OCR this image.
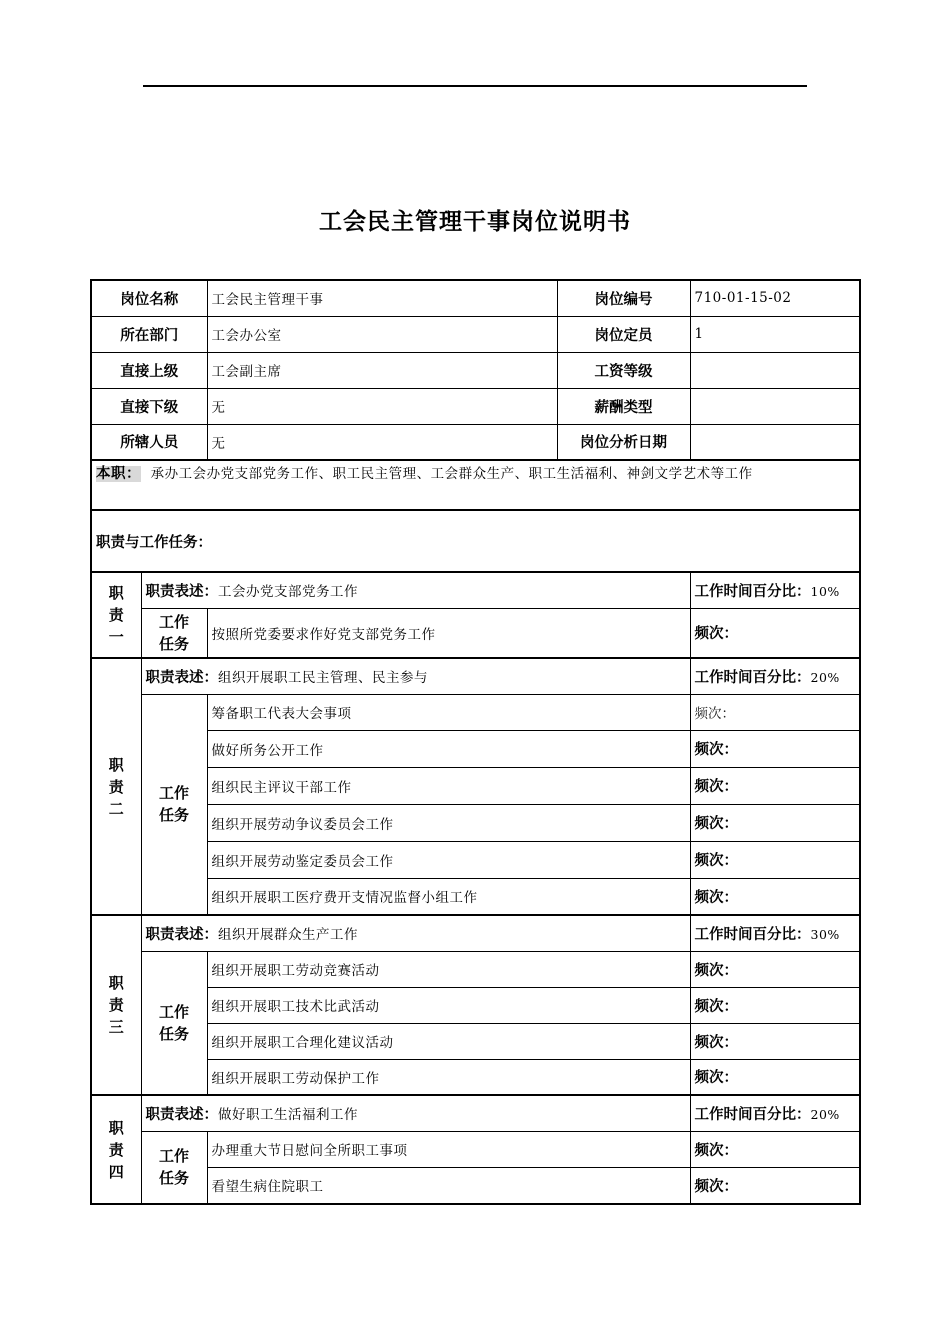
工会民主管理干事岗位说明书
岗位名称		工会民主管理干事	岗位编号	710-01-15-02
所在部门		工会办公室	岗位定员	1
直接上级		工会副主席	工资等级	
直接下级		无	薪酬类型	
所辖人员		无	岗位分析日期	
本职： 承办工会办党支部党务工作、职工民主管理、工会群众生产、职工生活福利、神剑文学艺术等工作				
职责与工作任务：				
职责一	职责表述：工会办党支部党务工作			工作时间百分比：10%
	工作任务	按照所党委要求作好党支部党务工作		频次：
职责二	职责表述：组织开展职工民主管理、民主参与			工作时间百分比：20%
	工作任务	筹备职工代表大会事项		频次：
		做好所务公开工作		频次：
		组织民主评议干部工作		频次：
		组织开展劳动争议委员会工作		频次：
		组织开展劳动鉴定委员会工作		频次：
		组织开展职工医疗费开支情况监督小组工作		频次：
职责三	职责表述：组织开展群众生产工作			工作时间百分比：30%
	工作任务	组织开展职工劳动竞赛活动		频次：
		组织开展职工技术比武活动		频次：
		组织开展职工合理化建议活动		频次：
		组织开展职工劳动保护工作		频次：
职责四	职责表述：做好职工生活福利工作			工作时间百分比：20%
	工作任务	办理重大节日慰问全所职工事项		频次：
		看望生病住院职工		频次：
